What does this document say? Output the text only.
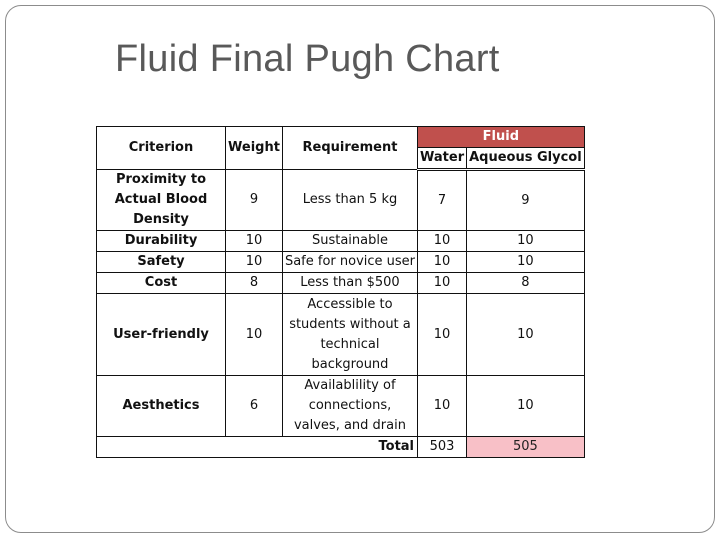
Fluid Final Pugh Chart
Criterion	Weight	Requirement	Fluid	
			Water	Aqueous Glycol
Proximity to Actual Blood Density	9	Less than 5 kg	7	9
Durability	10	Sustainable	10	10
Safety	10	Safe for novice user	10	10
Cost	8	Less than $500	10	8
User-friendly	10	Accessible to students without a technical background	10	10
Aesthetics	6	Availablility of connections, valves, and drain	10	10
Total			503	505
